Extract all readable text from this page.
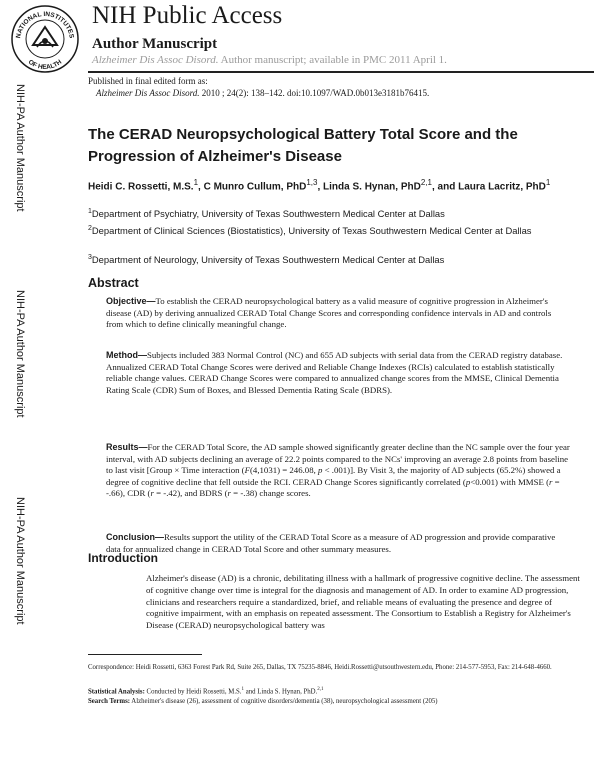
NATIONAL INSTITUTES
OF HEALTH
NIH Public Access
Author Manuscript
Alzheimer Dis Assoc Disord. Author manuscript; available in PMC 2011 April 1.
Published in final edited form as:
Alzheimer Dis Assoc Disord. 2010 ; 24(2): 138–142. doi:10.1097/WAD.0b013e3181b76415.
NIH-PA Author Manuscript
NIH-PA Author Manuscript
NIH-PA Author Manuscript
The CERAD Neuropsychological Battery Total Score and the Progression of Alzheimer's Disease
Heidi C. Rossetti, M.S.$^1$, C Munro Cullum, PhD$^{1,3}$, Linda S. Hynan, PhD$^{2,1}$, and Laura Lacritz, PhD$^1$
$^1$Department of Psychiatry, University of Texas Southwestern Medical Center at Dallas
$^2$Department of Clinical Sciences (Biostatistics), University of Texas Southwestern Medical Center at Dallas
$^3$Department of Neurology, University of Texas Southwestern Medical Center at Dallas
Abstract

Objective—To establish the CERAD neuropsychological battery as a valid measure of cognitive progression in Alzheimer's disease (AD) by deriving annualized CERAD Total Change Scores and corresponding confidence intervals in AD and controls from which to define clinically meaningful change.

Method—Subjects included 383 Normal Control (NC) and 655 AD subjects with serial data from the CERAD registry database. Annualized CERAD Total Change Scores were derived and Reliable Change Indexes (RCIs) calculated to establish statistically reliable change values. CERAD Change Scores were compared to annualized change scores from the MMSE, Clinical Dementia Rating Scale (CDR) Sum of Boxes, and Blessed Dementia Rating Scale (BDRS).

Results—For the CERAD Total Score, the AD sample showed significantly greater decline than the NC sample over the four year interval, with AD subjects declining an average of 22.2 points compared to the NCs' improving an average 2.8 points from baseline to last visit [Group × Time interaction (F(4,1031) = 246.08, p < .001)]. By Visit 3, the majority of AD subjects (65.2%) showed a degree of cognitive decline that fell outside the RCI. CERAD Change Scores significantly correlated (p<0.001) with MMSE (r = -.66), CDR (r = -.42), and BDRS (r = -.38) change scores.

Conclusion—Results support the utility of the CERAD Total Score as a measure of AD progression and provide comparative data for annualized change in CERAD Total Score and other summary measures.

Introduction

Alzheimer's disease (AD) is a chronic, debilitating illness with a hallmark of progressive cognitive decline. The assessment of cognitive change over time is integral for the diagnosis and management of AD. In order to examine AD progression, clinicians and researchers require a standardized, brief, and reliable means of evaluating the presence and degree of cognitive impairment, with an emphasis on repeated assessment. The Consortium to Establish a Registry for Alzheimer's Disease (CERAD) neuropsychological battery was

Correspondence: Heidi Rossetti, 6363 Forest Park Rd, Suite 265, Dallas, TX 75235-8846, Heidi.Rossetti@utsouthwestern.edu, Phone: 214-577-5953, Fax: 214-648-4660.
Statistical Analysis: Conducted by Heidi Rossetti, M.S.$^1$ and Linda S. Hynan, PhD.$^{2,1}$
Search Terms: Alzheimer's disease (26), assessment of cognitive disorders/dementia (38), neuropsychological assessment (205)
